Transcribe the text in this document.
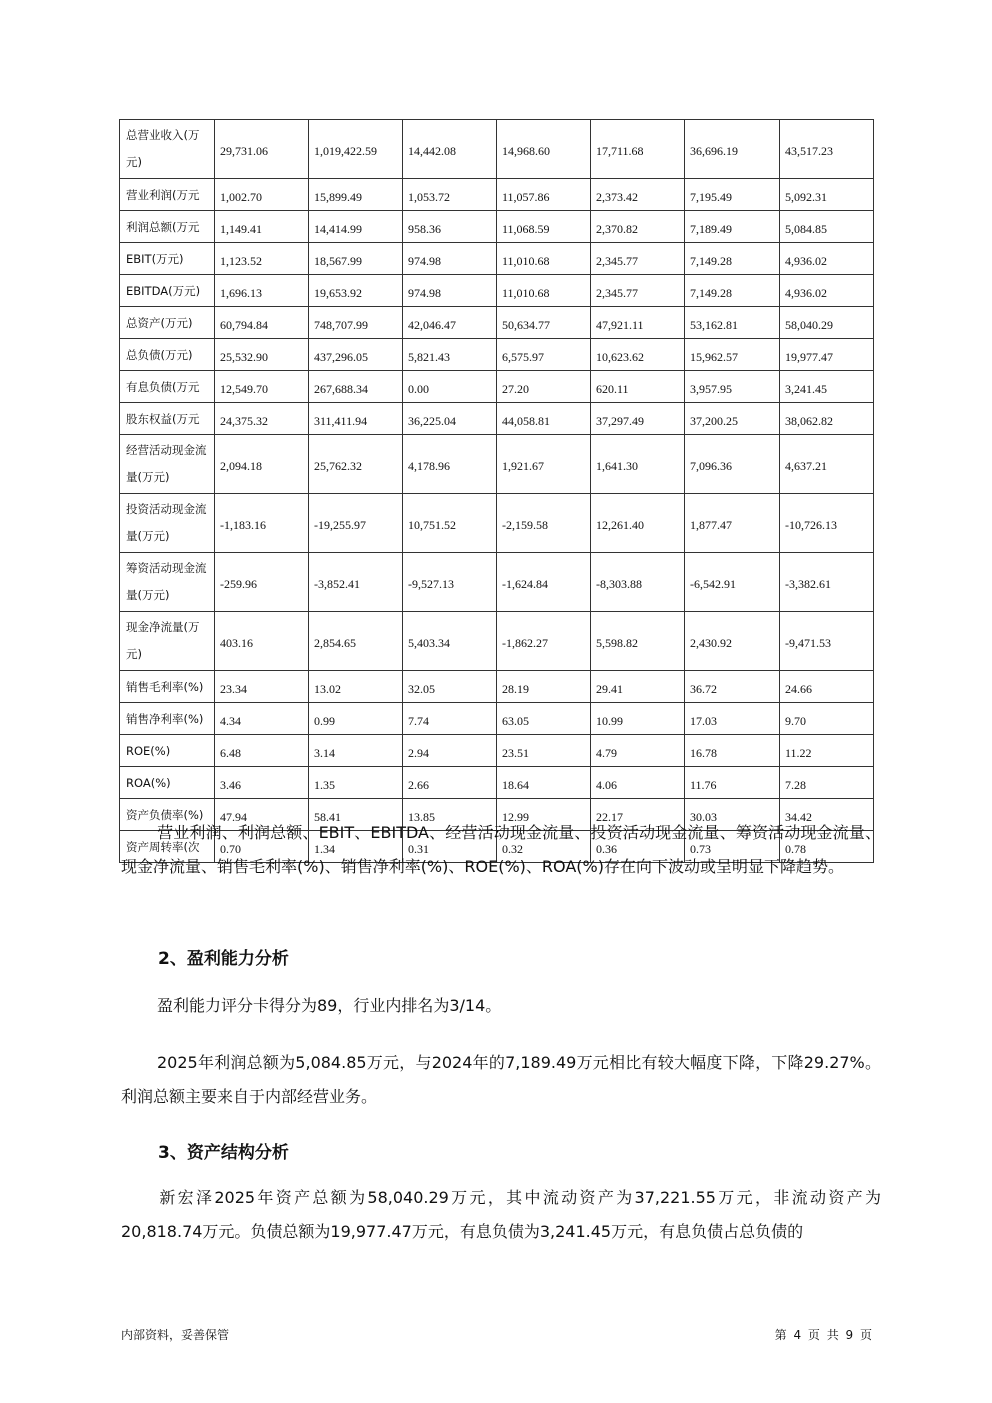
总营业收入(万元)	29,731.06	1,019,422.59	14,442.08	14,968.60	17,711.68	36,696.19	43,517.23
营业利润(万元	1,002.70	15,899.49	1,053.72	11,057.86	2,373.42	7,195.49	5,092.31
利润总额(万元	1,149.41	14,414.99	958.36	11,068.59	2,370.82	7,189.49	5,084.85
EBIT(万元)	1,123.52	18,567.99	974.98	11,010.68	2,345.77	7,149.28	4,936.02
EBITDA(万元)	1,696.13	19,653.92	974.98	11,010.68	2,345.77	7,149.28	4,936.02
总资产(万元)	60,794.84	748,707.99	42,046.47	50,634.77	47,921.11	53,162.81	58,040.29
总负债(万元)	25,532.90	437,296.05	5,821.43	6,575.97	10,623.62	15,962.57	19,977.47
有息负债(万元	12,549.70	267,688.34	0.00	27.20	620.11	3,957.95	3,241.45
股东权益(万元	24,375.32	311,411.94	36,225.04	44,058.81	37,297.49	37,200.25	38,062.82
经营活动现金流量(万元)	2,094.18	25,762.32	4,178.96	1,921.67	1,641.30	7,096.36	4,637.21
投资活动现金流量(万元)	-1,183.16	-19,255.97	10,751.52	-2,159.58	12,261.40	1,877.47	-10,726.13
筹资活动现金流量(万元)	-259.96	-3,852.41	-9,527.13	-1,624.84	-8,303.88	-6,542.91	-3,382.61
现金净流量(万元)	403.16	2,854.65	5,403.34	-1,862.27	5,598.82	2,430.92	-9,471.53
销售毛利率(%)	23.34	13.02	32.05	28.19	29.41	36.72	24.66
销售净利率(%)	4.34	0.99	7.74	63.05	10.99	17.03	9.70
ROE(%)	6.48	3.14	2.94	23.51	4.79	16.78	11.22
ROA(%)	3.46	1.35	2.66	18.64	4.06	11.76	7.28
资产负债率(%)	47.94	58.41	13.85	12.99	22.17	30.03	34.42
资产周转率(次	0.70	1.34	0.31	0.32	0.36	0.73	0.78
营业利润、利润总额、EBIT、EBITDA、经营活动现金流量、投资活动现金流量、筹资活动现金流量、现金净流量、销售毛利率(%)、销售净利率(%)、ROE(%)、ROA(%)存在向下波动或呈明显下降趋势。
2、盈利能力分析
盈利能力评分卡得分为89，行业内排名为3/14。
2025年利润总额为5,084.85万元，与2024年的7,189.49万元相比有较大幅度下降，下降29.27%。利润总额主要来自于内部经营业务。
3、资产结构分析
新宏泽2025年资产总额为58,040.29万元，其中流动资产为37,221.55万元，非流动资产为20,818.74万元。负债总额为19,977.47万元，有息负债为3,241.45万元，有息负债占总负债的
内部资料，妥善保管	第 4 页 共 9 页
